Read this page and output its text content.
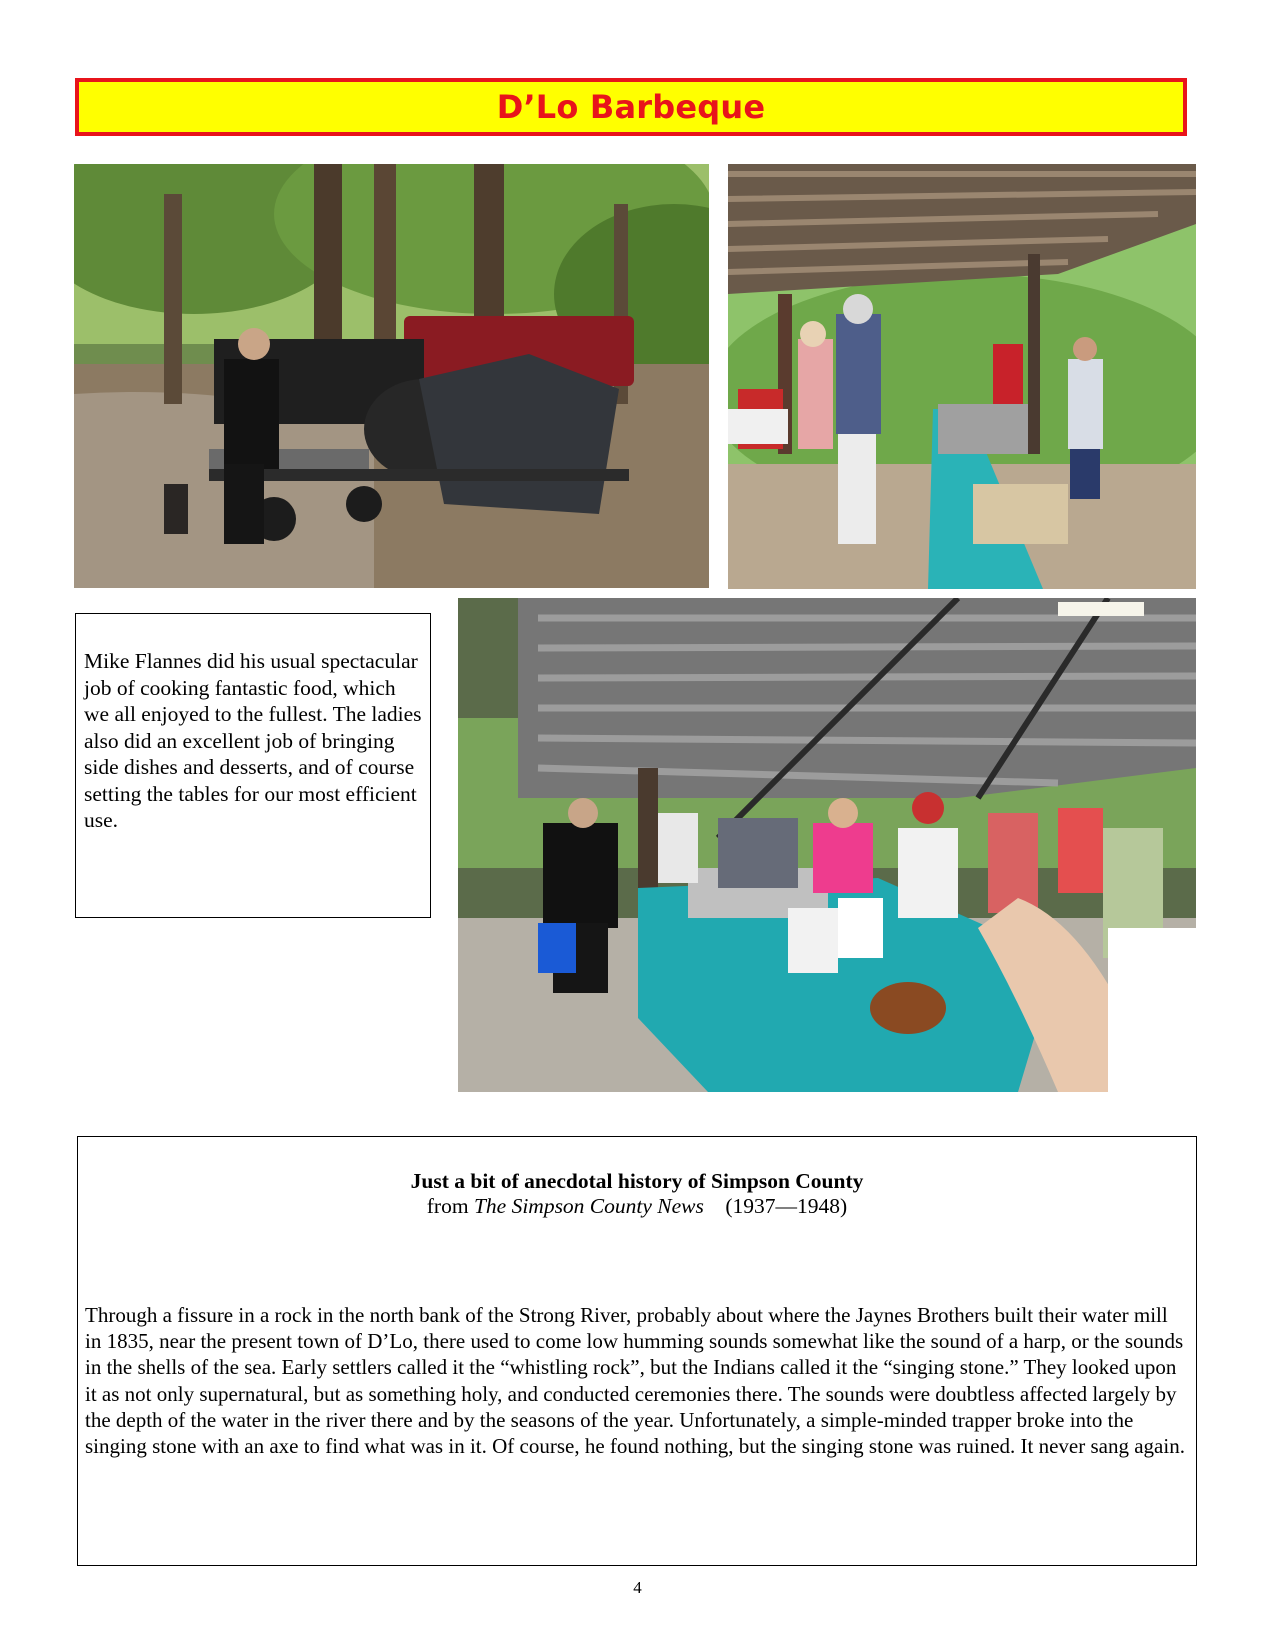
D’Lo Barbeque

Mike Flannes did his usual spectacular job of cooking fantastic food, which we all enjoyed to the fullest. The ladies also did an excellent job of bringing side dishes and desserts, and of course setting the tables for our most efficient use.

Just a bit of anecdotal history of Simpson County

from The Simpson County News (1937—1948)

Through a fissure in a rock in the north bank of the Strong River, probably about where the Jaynes Brothers built their water mill in 1835, near the present town of D’Lo, there used to come low humming sounds somewhat like the sound of a harp, or the sounds in the shells of the sea. Early settlers called it the “whistling rock”, but the Indians called it the “singing stone.” They looked upon it as not only supernatural, but as something holy, and conducted ceremonies there. The sounds were doubtless affected largely by the depth of the water in the river there and by the seasons of the year. Unfortunately, a simple-minded trapper broke into the singing stone with an axe to find what was in it. Of course, he found nothing, but the singing stone was ruined. It never sang again.

4
